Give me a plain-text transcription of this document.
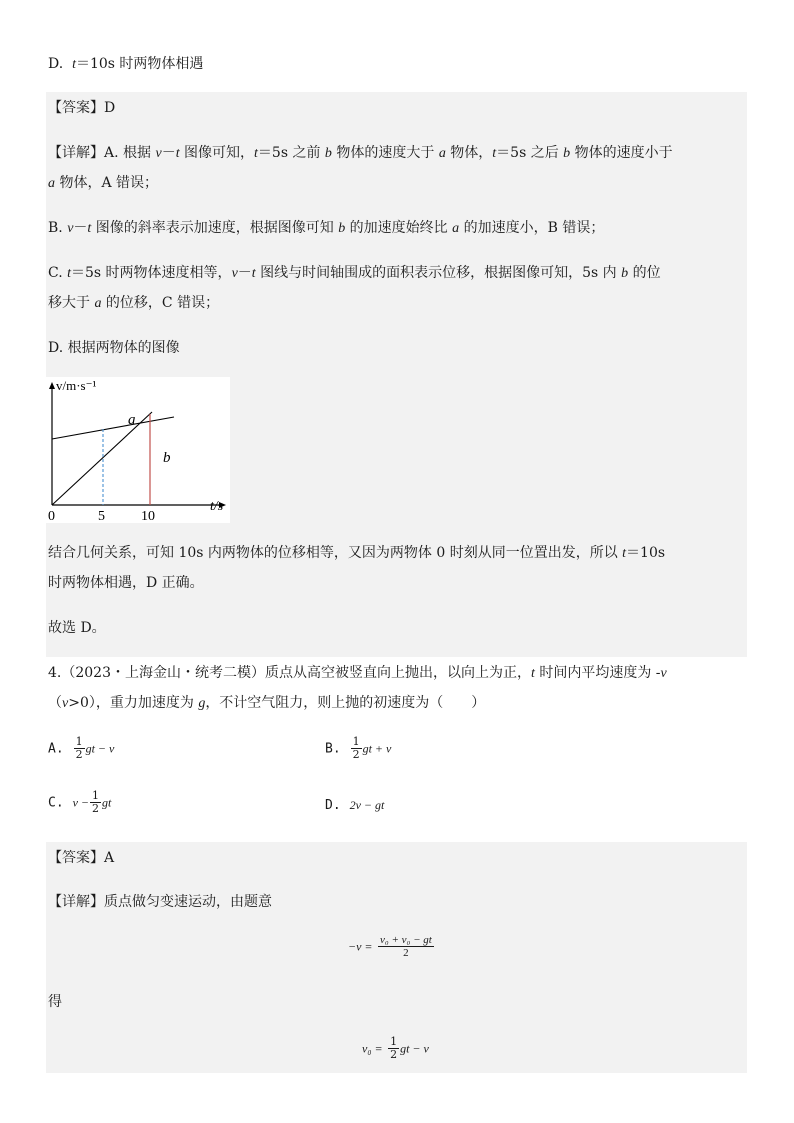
D. t＝10s 时两物体相遇
【答案】D
【详解】A. 根据 v－t 图像可知，t＝5s 之前 b 物体的速度大于 a 物体，t＝5s 之后 b 物体的速度小于
a 物体，A 错误；
B. v－t 图像的斜率表示加速度，根据图像可知 b 的加速度始终比 a 的加速度小，B 错误；
C. t＝5s 时两物体速度相等，v－t 图线与时间轴围成的面积表示位移，根据图像可知，5s 内 b 的位
移大于 a 的位移，C 错误；
D. 根据两物体的图像
v/m·s⁻¹
t/s
a
b
0	5	10
结合几何关系，可知 10s 内两物体的位移相等，又因为两物体 0 时刻从同一位置出发，所以 t＝10s
时两物体相遇，D 正确。
故选 D。
4.（2023・上海金山・统考二模）质点从高空被竖直向上抛出，以向上为正，t 时间内平均速度为 -v
（v>0），重力加速度为 g，不计空气阻力，则上抛的初速度为（　　）
A. $\frac{1}{2}$ gt − v	B. $\frac{1}{2}$ gt + v
C. $v - \frac{1}{2}$ gt	D. 2v − gt
【答案】A
【详解】质点做匀变速运动，由题意
$-v = \frac{\text{v₀ + v₀ − gt}}{2}$
得
$v_0 = \frac{1}{2}$ gt − v
